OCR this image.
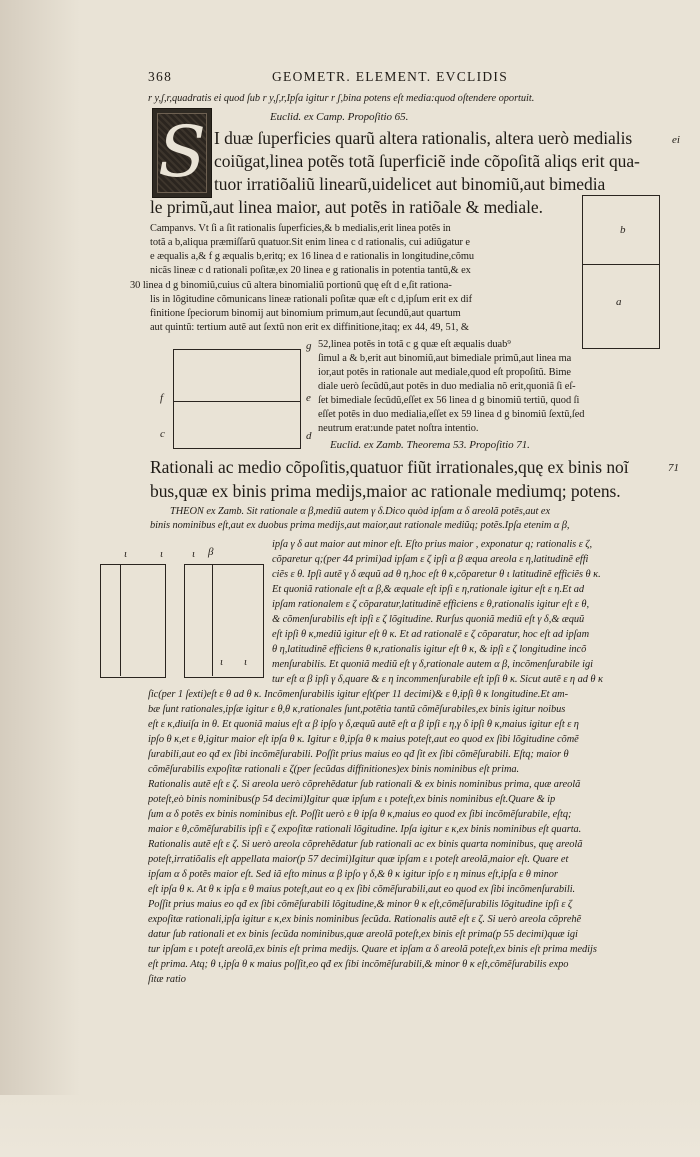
368	GEOMETR. ELEMENT. EVCLIDIS
r y,ʃ,r,quadratis ei quod ſub r y,ʃ,r,Ipſa igitur r ʃ,bina potens eſt media:quod oſtendere oportuit.
S	Euclid. ex Camp. Propoſitio 65.
ei
I duæ ſuperficies quarũ altera rationalis, altera uerò medialis
coiũgat,linea potẽs totã ſuperficiẽ inde cõpoſitã aliqs erit qua-
tuor irratiõaliũ linearũ,uidelicet aut binomiũ,aut bimedia
le primũ,aut linea maior, aut potẽs in ratiõale & mediale.
b
a
Campanvs. Vt ſi a ſit rationalis ſuperficies,& b medialis,erit linea potẽs in
totã a b,aliqua præmiſſarũ quatuor.Sit enim linea c d rationalis, cui adiũgatur e
e æqualis a,& f g æqualis b,eritq; ex 16 linea d e rationalis in longitudine,cõmu
nicãs lineæ c d rationali poſitæ,ex 20 linea e g rationalis in potentia tantũ,& ex
30 linea d g binomiũ,cuius cũ altera binomialiũ portionũ quę eſt d e,ſit rationa-
lis in lõgitudine cõmunicans lineæ rationali poſitæ quæ eſt c d,ipſum erit ex dif
finitione ſpeciorum binomij aut binomium primum,aut ſecundũ,aut quartum
aut quintũ: tertium autẽ aut ſextũ non erit ex diffinitione,itaq; ex 44, 49, 51, &
g
e
f
c	d
52,linea potẽs in totã c g quæ eſt æqualis duab⁹
ſimul a & b,erit aut binomiũ,aut bimediale primũ,aut linea ma
ior,aut potẽs in rationale aut mediale,quod eſt propoſitũ. Bime
diale uerò ſecũdũ,aut potẽs in duo medialia nõ erit,quoniã ſi eſ-
ſet bimediale ſecũdũ,eſſet ex 56 linea d g binomiũ tertiũ, quod ſi
eſſet potẽs in duo medialia,eſſet ex 59 linea d g binomiũ ſextũ,ſed
neutrum erat:unde patet noſtra intentio.
Euclid. ex Zamb. Theorema 53. Propoſitio 71.
Rationali ac medio cõpoſitis,quatuor fiũt irrationales,quę ex binis noĩ	71
bus,quæ ex binis prima medijs,maior ac rationale mediumq; potens.
THEON ex Zamb. Sit rationale α β,mediũ autem γ δ.Dico quòd ipſam α δ areolã potẽs,aut ex
binis nominibus eſt,aut ex duobus prima medijs,aut maior,aut rationale mediũq; potẽs.Ipſa etenim α β,
ɩ	ɩ	ɩ β
ɩ ɩ
ipſa γ δ aut maior aut minor eſt. Eſto prius maior , exponatur q; rationalis ε ζ,
cõparetur q;(per 44 primi)ad ipſam ε ζ ipſi α β æqua areola ε η,latitudinẽ effi
ciẽs ε θ. Ipſi autẽ γ δ æquũ ad θ η,hoc eſt θ κ,cõparetur θ ι latitudinẽ efficiẽs θ κ.
Et quoniã rationale eſt α β,& æquale eſt ipſi ε η,rationale igitur eſt ε η.Et ad
ipſam rationalem ε ζ cõparatur,latitudinẽ efficiens ε θ,rationalis igitur eſt ε θ,
& cõmenſurabilis eſt ipſi ε ζ lõgitudine. Rurſus quoniã mediũ eſt γ δ,& æquũ
eſt ipſi θ κ,mediũ igitur eſt θ κ. Et ad rationalẽ ε ζ cõparatur, hoc eſt ad ipſam
θ η,latitudinẽ efficiens θ κ,rationalis igitur eſt θ κ, & ipſi ε ζ longitudine incõ
menſurabilis. Et quoniã mediũ eſt γ δ,rationale autem α β, incõmenſurabile igi
tur eſt α β ipſi γ δ,quare & ε η incommenſurabile eſt ipſi θ κ. Sicut autẽ ε η ad θ κ
ſic(per 1 ſexti)eſt ε θ ad θ κ. Incõmenſurabilis igitur eſt(per 11 decimi)& ε θ,ipſi θ κ longitudine.Et am-
bæ ſunt rationales,ipſæ igitur ε θ,θ κ,rationales ſunt,potẽtia tantũ cõmẽſurabiles,ex binis igitur noibus
eſt ε κ,diuiſa in θ. Et quoniã maius eſt α β ipſo γ δ,æquũ autẽ eſt α β ipſi ε η,γ δ ipſi θ κ,maius igitur eſt ε η
ipſo θ κ,et ε θ,igitur maior eſt ipſa θ κ. Igitur ε θ,ipſa θ κ maius poteſt,aut eo quod ex ſibi lõgitudine cõmẽ
ſurabili,aut eo qđ ex ſibi incõmẽſurabili. Poſſit prius maius eo qđ ſit ex ſibi cõmẽſurabili. Eſtq; maior θ
cõmẽſurabilis expoſitæ rationali ε ζ(per ſecũdas diffinitiones)ex binis nominibus eſt prima.
Rationalis autẽ eſt ε ζ. Si areola uerò cõprehẽdatur ſub rationali & ex binis nominibus prima, quæ areolã
poteſt,eò binis nominibus(p 54 decimi)Igitur quæ ipſum ε ι poteſt,ex binis nominibus eſt.Quare & ip
ſum α δ potẽs ex binis nominibus eſt. Poſſit uerò ε θ ipſa θ κ,maius eo quod ex ſibi incõmẽſurabile, eſtq;
maior ε θ,cõmẽſurabilis ipſi ε ζ expoſitæ rationali lõgitudine. Ipſa igitur ε κ,ex binis nominibus eſt quarta.
Rationalis autẽ eſt ε ζ. Si uerò areola cõprehẽdatur ſub rationali ac ex binis quarta nominibus, quę areolã
poteſt,irratiõalis eſt appellata maior(p 57 decimi)Igitur quæ ipſam ε ι poteſt areolã,maior eſt. Quare et
ipſam α δ potẽs maior eſt. Sed iã eſto minus α β ipſo γ δ,& θ κ igitur ipſo ε η minus eſt,ipſa ε θ minor
eſt ipſa θ κ. At θ κ ipſa ε θ maius poteſt,aut eo q ex ſibi cõmẽſurabili,aut eo quod ex ſibi incõmenſurabili.
Poſſit prius maius eo qđ ex ſibi cõmẽſurabili lõgitudine,& minor θ κ eſt,cõmẽſurabilis lõgitudine ipſi ε ζ
expoſitæ rationali,ipſa igitur ε κ,ex binis nominibus ſecũda. Rationalis autẽ eſt ε ζ. Si uerò areola cõprehẽ
datur ſub rationali et ex binis ſecũda nominibus,quæ areolã poteſt,ex binis eſt prima(p 55 decimi)quæ igi
tur ipſam ε ι poteſt areolã,ex binis eſt prima medijs. Quare et ipſam α δ areolã poteſt,ex binis eſt prima medijs
eſt prima. Atq; θ ι,ipſa θ κ maius poſſit,eo qđ ex ſibi incõmẽſurabili,& minor θ κ eſt,cõmẽſurabilis expo
ſitæ ratio
